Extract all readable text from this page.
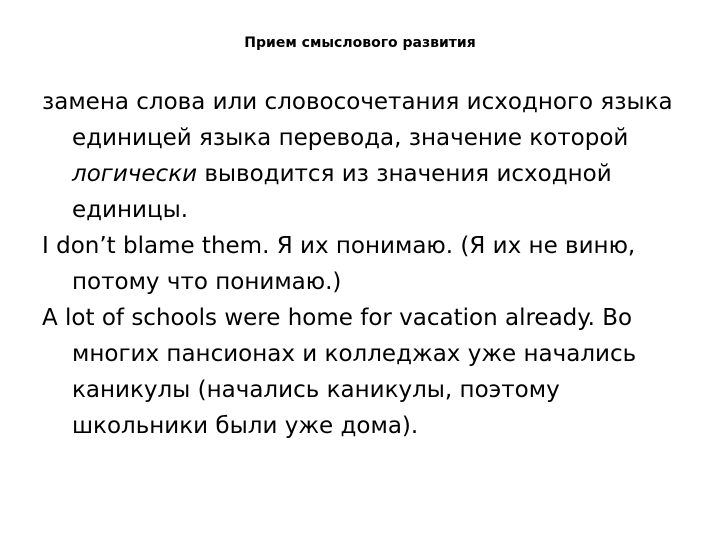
Прием смыслового развития

замена слова или словосочетания исходного языка единицей языка перевода, значение которой логически выводится из значения исходной единицы.

I don’t blame them. Я их понимаю. (Я их не виню, потому что понимаю.)

A lot of schools were home for vacation already. Во многих пансионах и колледжах уже начались каникулы (начались каникулы, поэтому школьники были уже дома).
